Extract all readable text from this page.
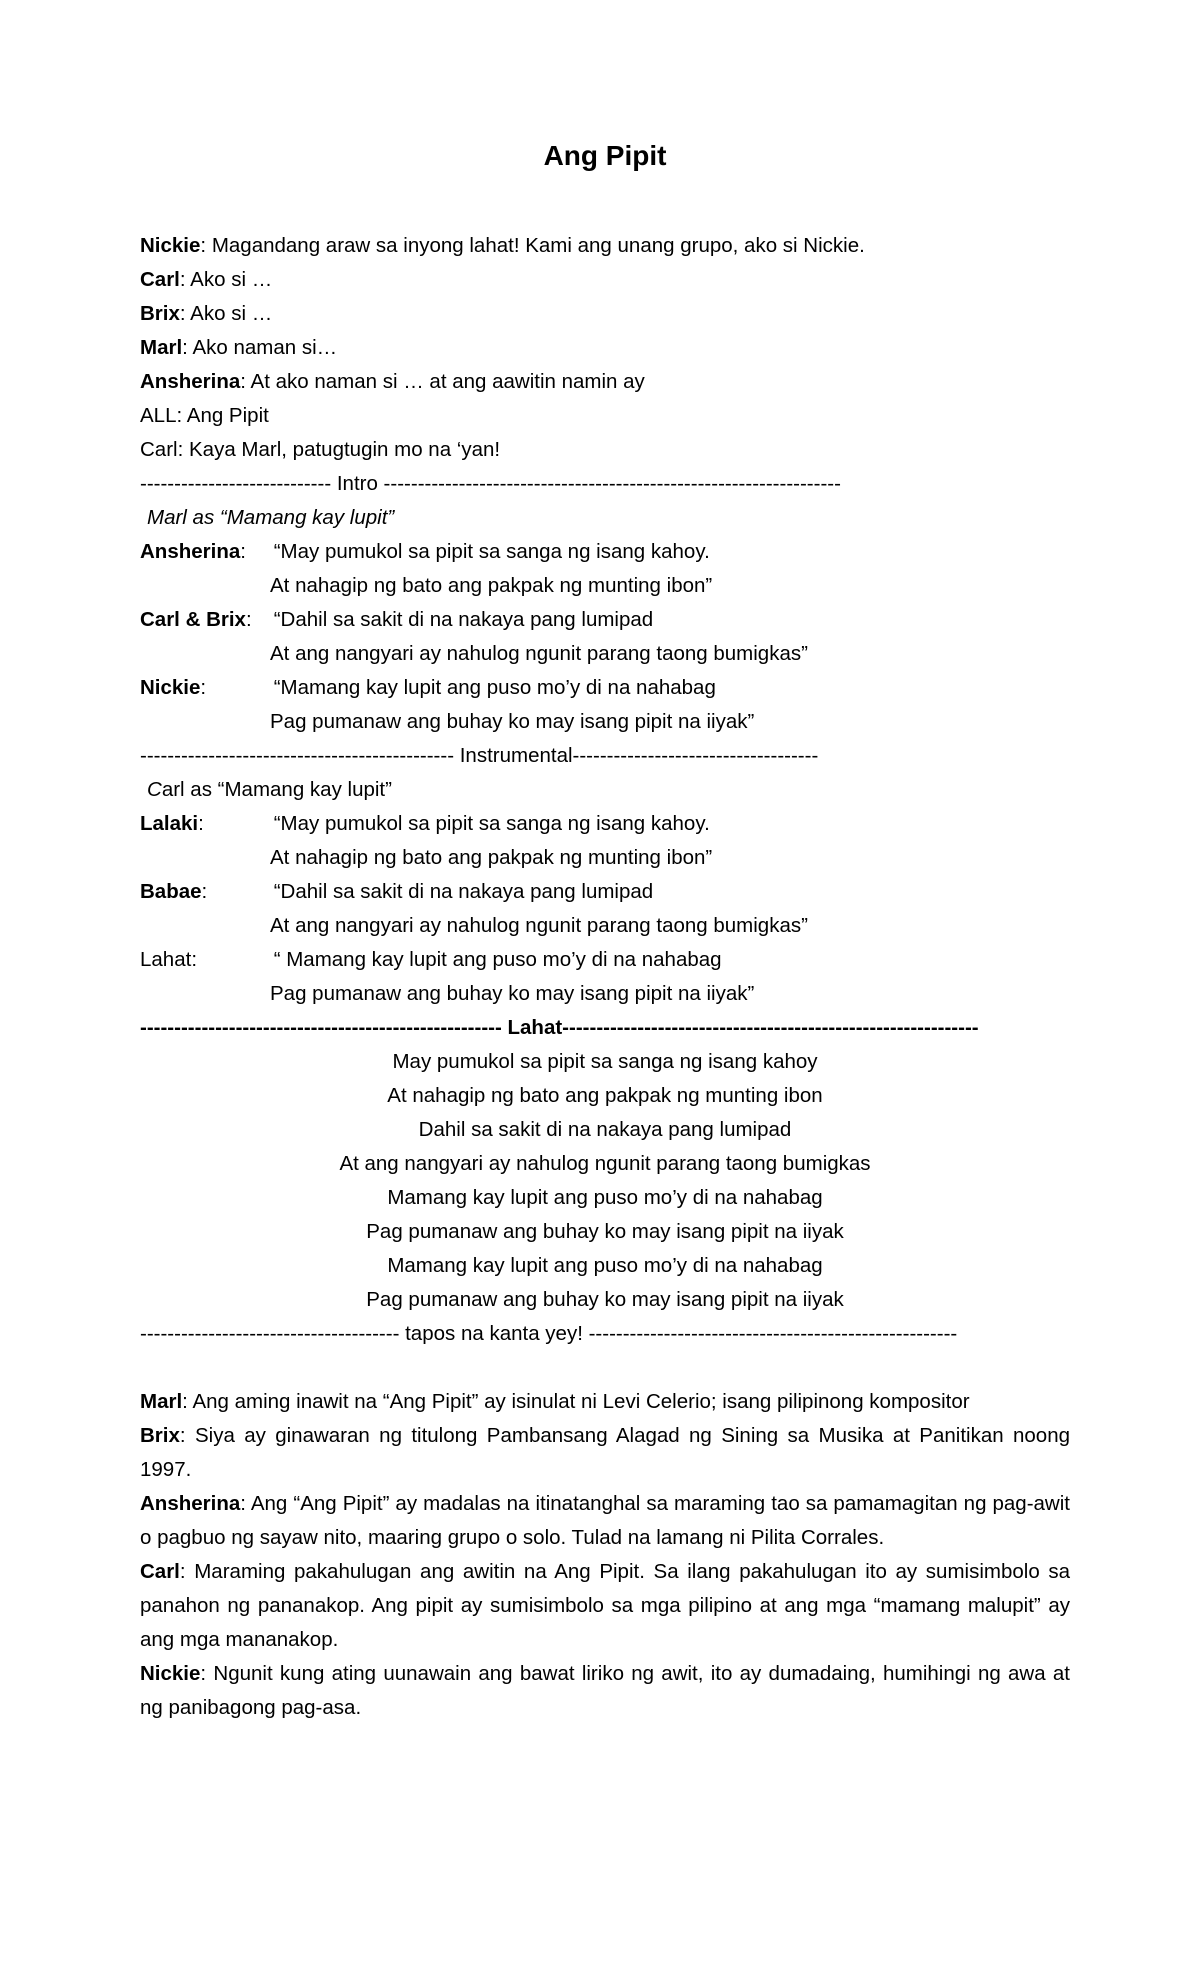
Ang Pipit
Nickie: Magandang araw sa inyong lahat! Kami ang unang grupo, ako si Nickie.
Carl: Ako si …
Brix: Ako si …
Marl: Ako naman si…
Ansherina: At ako naman si … at ang aawitin namin ay
ALL: Ang Pipit
Carl: Kaya Marl, patugtugin mo na ‘yan!
---------------------------- Intro -------------------------------------------------------------------
Marl as “Mamang kay lupit”
Ansherina: “May pumukol sa pipit sa sanga ng isang kahoy.
At nahagip ng bato ang pakpak ng munting ibon”
Carl & Brix: “Dahil sa sakit di na nakaya pang lumipad
At ang nangyari ay nahulog ngunit parang taong bumigkas”
Nickie:	“Mamang kay lupit ang puso mo’y di na nahabag
Pag pumanaw ang buhay ko may isang pipit na iiyak”
---------------------------------------------- Instrumental------------------------------------
Carl as “Mamang kay lupit”
Lalaki:	“May pumukol sa pipit sa sanga ng isang kahoy.
At nahagip ng bato ang pakpak ng munting ibon”
Babae:	“Dahil sa sakit di na nakaya pang lumipad
At ang nangyari ay nahulog ngunit parang taong bumigkas”
Lahat:	“ Mamang kay lupit ang puso mo’y di na nahabag
Pag pumanaw ang buhay ko may isang pipit na iiyak”
----------------------------------------------------- Lahat-------------------------------------------------------------
May pumukol sa pipit sa sanga ng isang kahoy
At nahagip ng bato ang pakpak ng munting ibon
Dahil sa sakit di na nakaya pang lumipad
At ang nangyari ay nahulog ngunit parang taong bumigkas
Mamang kay lupit ang puso mo’y di na nahabag
Pag pumanaw ang buhay ko may isang pipit na iiyak
Mamang kay lupit ang puso mo’y di na nahabag
Pag pumanaw ang buhay ko may isang pipit na iiyak
-------------------------------------- tapos na kanta yey! ------------------------------------------------------

Marl: Ang aming inawit na “Ang Pipit” ay isinulat ni Levi Celerio; isang pilipinong kompositor

Brix: Siya ay ginawaran ng titulong Pambansang Alagad ng Sining sa Musika at Panitikan noong 1997.

Ansherina: Ang “Ang Pipit” ay madalas na itinatanghal sa maraming tao sa pamamagitan ng pag-awit o pagbuo ng sayaw nito, maaring grupo o solo. Tulad na lamang ni Pilita Corrales.

Carl: Maraming pakahulugan ang awitin na Ang Pipit. Sa ilang pakahulugan ito ay sumisimbolo sa panahon ng pananakop. Ang pipit ay sumisimbolo sa mga pilipino at ang mga “mamang malupit” ay ang mga mananakop.

Nickie: Ngunit kung ating uunawain ang bawat liriko ng awit, ito ay dumadaing, humihingi ng awa at ng panibagong pag-asa.
